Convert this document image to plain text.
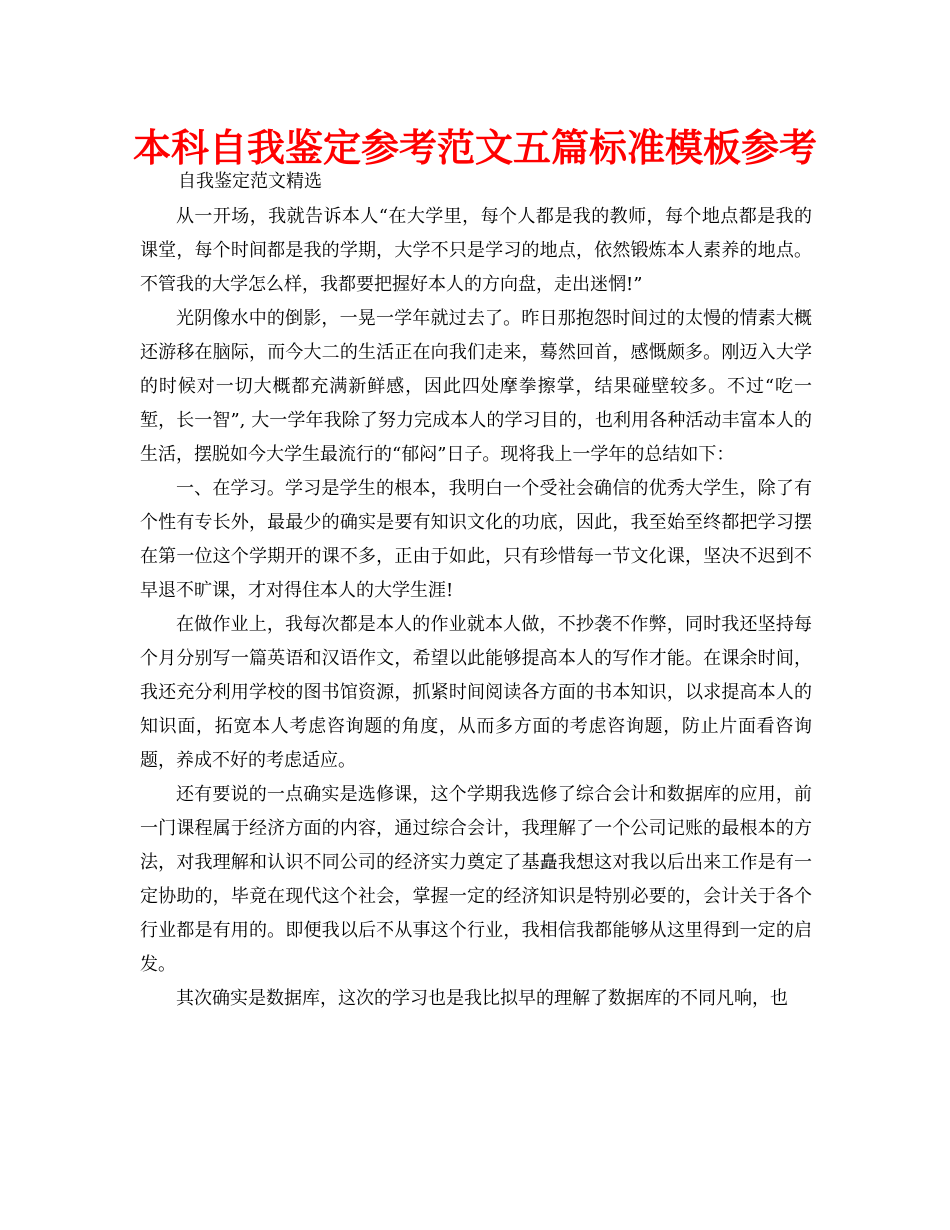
本科自我鉴定参考范文五篇标准模板参考
自我鉴定范文精选

从一开场，我就告诉本人“在大学里，每个人都是我的教师，每个地点都是我的课堂，每个时间都是我的学期，大学不只是学习的地点，依然锻炼本人素养的地点。不管我的大学怎么样，我都要把握好本人的方向盘，走出迷惘!”

光阴像水中的倒影，一晃一学年就过去了。昨日那抱怨时间过的太慢的情素大概还游移在脑际，而今大二的生活正在向我们走来，蓦然回首，感慨颇多。刚迈入大学的时候对一切大概都充满新鲜感，因此四处摩拳擦掌，结果碰壁较多。不过“吃一堑，长一智”, 大一学年我除了努力完成本人的学习目的，也利用各种活动丰富本人的生活，摆脱如今大学生最流行的“郁闷”日子。现将我上一学年的总结如下：

一、在学习。学习是学生的根本，我明白一个受社会确信的优秀大学生，除了有个性有专长外，最最少的确实是要有知识文化的功底，因此，我至始至终都把学习摆在第一位这个学期开的课不多，正由于如此，只有珍惜每一节文化课，坚决不迟到不早退不旷课，才对得住本人的大学生涯!

在做作业上，我每次都是本人的作业就本人做，不抄袭不作弊，同时我还坚持每个月分别写一篇英语和汉语作文，希望以此能够提高本人的写作才能。在课余时间，我还充分利用学校的图书馆资源，抓紧时间阅读各方面的书本知识，以求提高本人的知识面，拓宽本人考虑咨询题的角度，从而多方面的考虑咨询题，防止片面看咨询题，养成不好的考虑适应。

还有要说的一点确实是选修课，这个学期我选修了综合会计和数据库的应用，前一门课程属于经济方面的内容，通过综合会计，我理解了一个公司记账的最根本的方法，对我理解和认识不同公司的经济实力奠定了基矗我想这对我以后出来工作是有一定协助的，毕竟在现代这个社会，掌握一定的经济知识是特别必要的，会计关于各个行业都是有用的。即便我以后不从事这个行业，我相信我都能够从这里得到一定的启发。

其次确实是数据库，这次的学习也是我比拟早的理解了数据库的不同凡响，也
